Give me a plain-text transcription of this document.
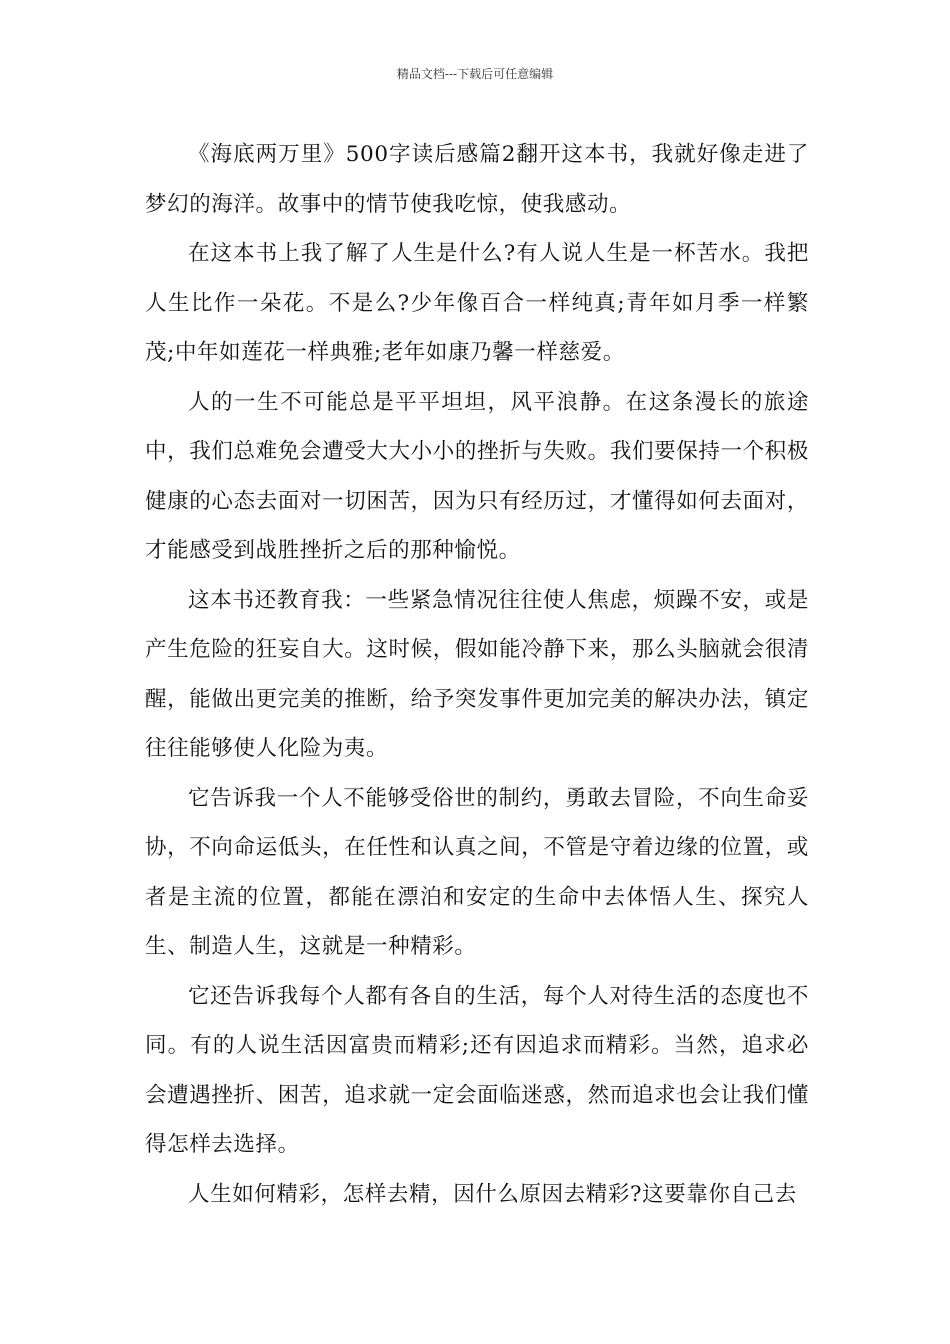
精品文档---下载后可任意编辑

《海底两万里》500字读后感篇2翻开这本书，我就好像走进了梦幻的海洋。故事中的情节使我吃惊，使我感动。

在这本书上我了解了人生是什么?有人说人生是一杯苦水。我把人生比作一朵花。不是么?少年像百合一样纯真;青年如月季一样繁茂;中年如莲花一样典雅;老年如康乃馨一样慈爱。

人的一生不可能总是平平坦坦，风平浪静。在这条漫长的旅途中，我们总难免会遭受大大小小的挫折与失败。我们要保持一个积极健康的心态去面对一切困苦，因为只有经历过，才懂得如何去面对，才能感受到战胜挫折之后的那种愉悦。

这本书还教育我：一些紧急情况往往使人焦虑，烦躁不安，或是产生危险的狂妄自大。这时候，假如能冷静下来，那么头脑就会很清醒，能做出更完美的推断，给予突发事件更加完美的解决办法，镇定往往能够使人化险为夷。

它告诉我一个人不能够受俗世的制约，勇敢去冒险，不向生命妥协，不向命运低头，在任性和认真之间，不管是守着边缘的位置，或者是主流的位置，都能在漂泊和安定的生命中去体悟人生、探究人生、制造人生，这就是一种精彩。

它还告诉我每个人都有各自的生活，每个人对待生活的态度也不同。有的人说生活因富贵而精彩;还有因追求而精彩。当然，追求必会遭遇挫折、困苦，追求就一定会面临迷惑，然而追求也会让我们懂得怎样去选择。

人生如何精彩，怎样去精，因什么原因去精彩?这要靠你自己去
